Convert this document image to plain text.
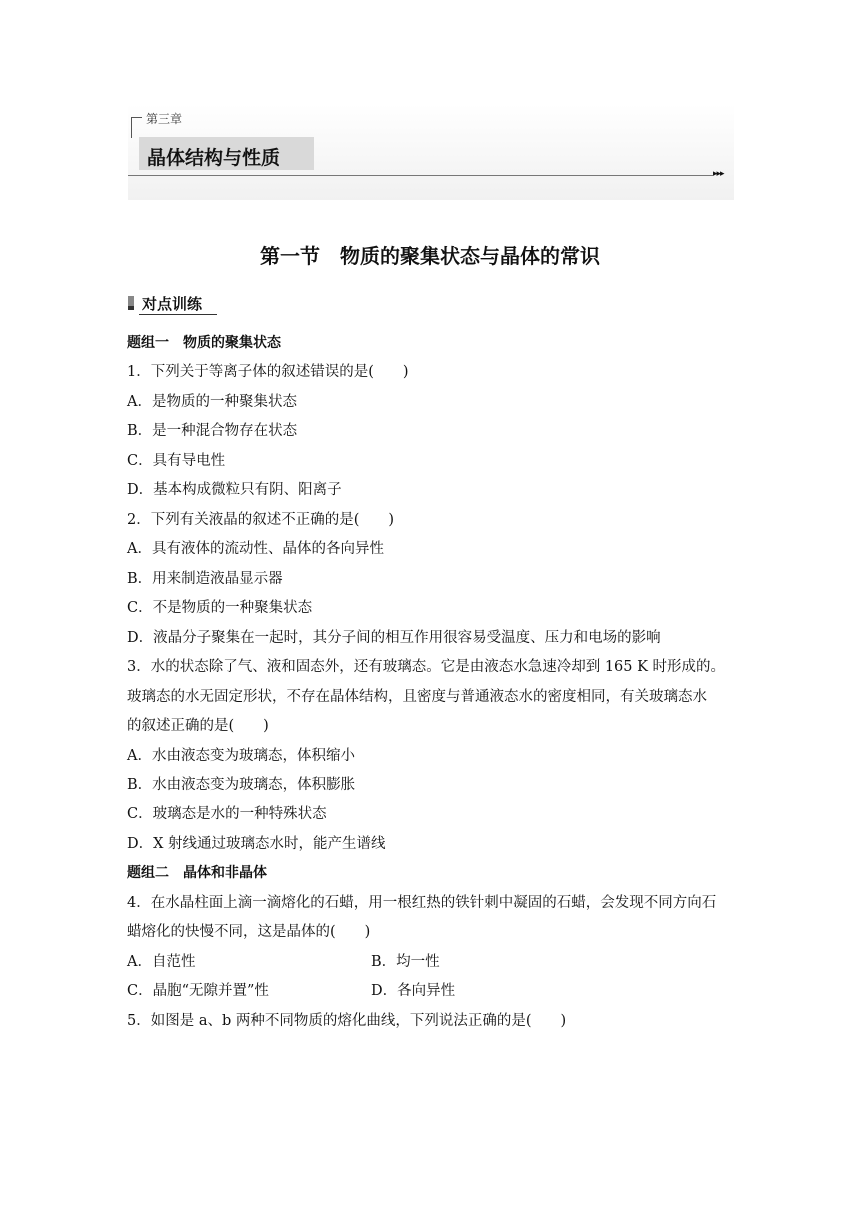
第三章
晶体结构与性质
▸▸▸
第一节　物质的聚集状态与晶体的常识
对点训练
题组一　物质的聚集状态
1．下列关于等离子体的叙述错误的是(　　)
A．是物质的一种聚集状态
B．是一种混合物存在状态
C．具有导电性
D．基本构成微粒只有阴、阳离子
2．下列有关液晶的叙述不正确的是(　　)
A．具有液体的流动性、晶体的各向异性
B．用来制造液晶显示器
C．不是物质的一种聚集状态
D．液晶分子聚集在一起时，其分子间的相互作用很容易受温度、压力和电场的影响
3．水的状态除了气、液和固态外，还有玻璃态。它是由液态水急速冷却到 165 K 时形成的。
玻璃态的水无固定形状，不存在晶体结构，且密度与普通液态水的密度相同，有关玻璃态水
的叙述正确的是(　　)
A．水由液态变为玻璃态，体积缩小
B．水由液态变为玻璃态，体积膨胀
C．玻璃态是水的一种特殊状态
D．X 射线通过玻璃态水时，能产生谱线
题组二　晶体和非晶体
4．在水晶柱面上滴一滴熔化的石蜡，用一根红热的铁针刺中凝固的石蜡，会发现不同方向石
蜡熔化的快慢不同，这是晶体的(　　)
A．自范性	B．均一性
C．晶胞“无隙并置”性	D．各向异性
5．如图是 a、b 两种不同物质的熔化曲线，下列说法正确的是(　　)
